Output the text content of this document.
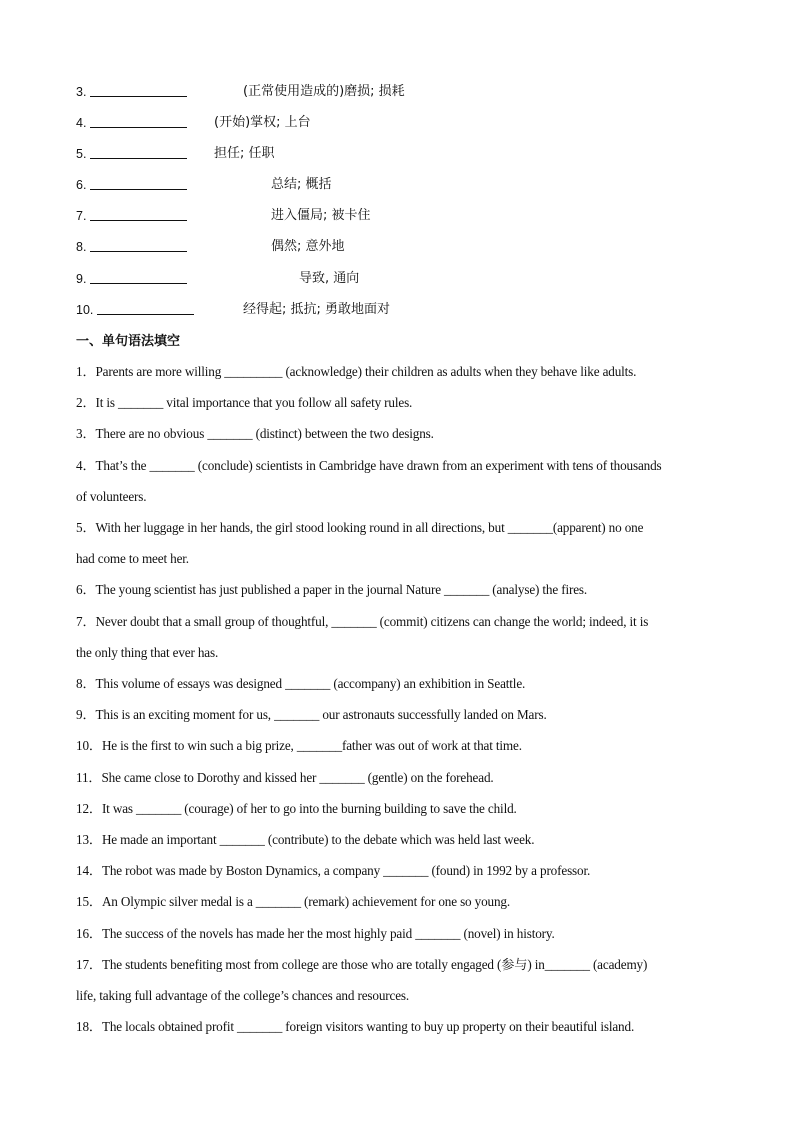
3.	(正常使用造成的)磨损; 损耗
4.	(开始)掌权; 上台
5.	担任; 任职
6.	总结; 概括
7.	进入僵局; 被卡住
8.	偶然; 意外地
9.	导致, 通向
10.	经得起; 抵抗; 勇敢地面对
一、单句语法填空
1．Parents are more willing _________ (acknowledge) their children as adults when they behave like adults.
2．It is _______ vital importance that you follow all safety rules.
3．There are no obvious _______ (distinct) between the two designs.
4．That’s the _______ (conclude) scientists in Cambridge have drawn from an experiment with tens of thousands
of volunteers.
5．With her luggage in her hands, the girl stood looking round in all directions, but _______(apparent) no one
had come to meet her.
6．The young scientist has just published a paper in the journal Nature _______ (analyse) the fires.
7．Never doubt that a small group of thoughtful, _______ (commit) citizens can change the world; indeed, it is
the only thing that ever has.
8．This volume of essays was designed _______ (accompany) an exhibition in Seattle.
9．This is an exciting moment for us, _______ our astronauts successfully landed on Mars.
10．He is the first to win such a big prize, _______father was out of work at that time.
11．She came close to Dorothy and kissed her _______ (gentle) on the forehead.
12．It was _______ (courage) of her to go into the burning building to save the child.
13．He made an important _______ (contribute) to the debate which was held last week.
14．The robot was made by Boston Dynamics, a company _______ (found) in 1992 by a professor.
15．An Olympic silver medal is a _______ (remark) achievement for one so young.
16．The success of the novels has made her the most highly paid _______ (novel) in history.
17．The students benefiting most from college are those who are totally engaged (参与) in_______ (academy)
life, taking full advantage of the college’s chances and resources.
18．The locals obtained profit _______ foreign visitors wanting to buy up property on their beautiful island.
